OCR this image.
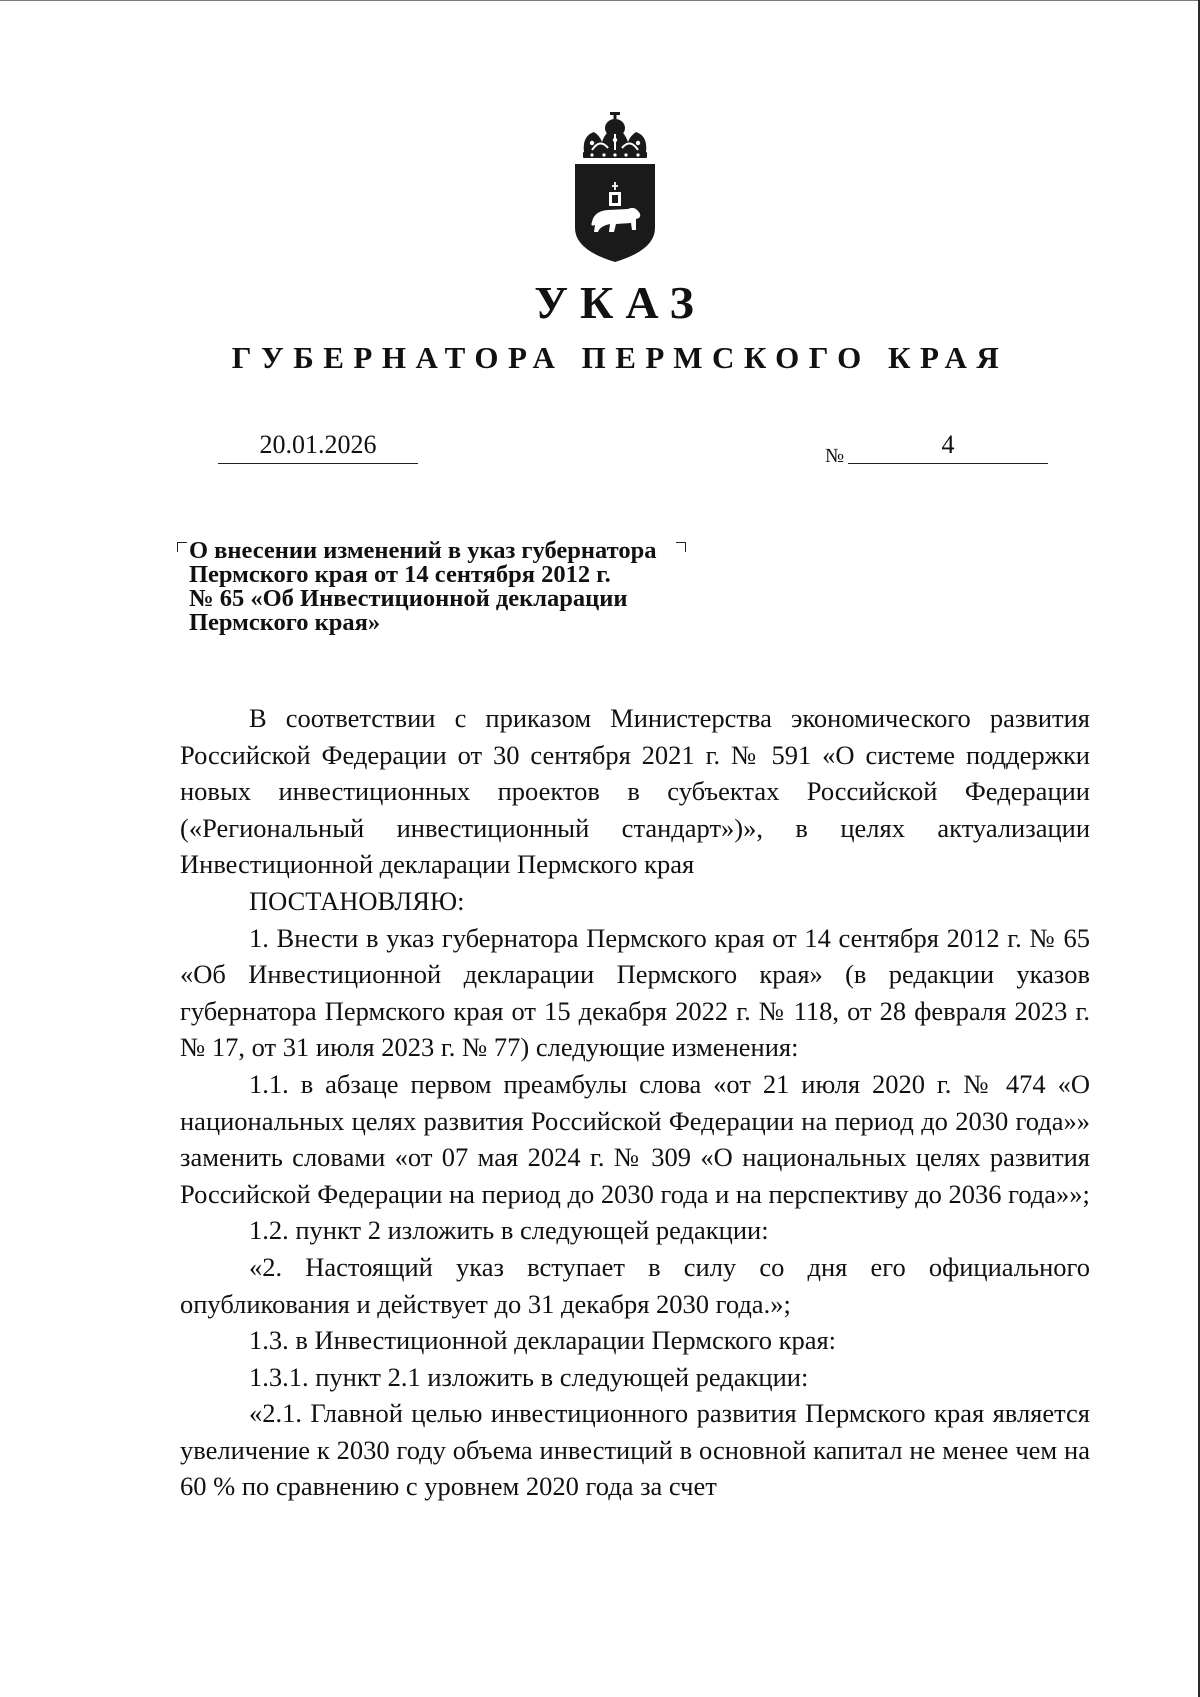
УКАЗ
ГУБЕРНАТОРА ПЕРМСКОГО КРАЯ
20.01.2026	№	4
О внесении изменений в указ губернатора
Пермского края от 14 сентября 2012 г.
№ 65 «Об Инвестиционной декларации
Пермского края»

В соответствии с приказом Министерства экономического развития Российской Федерации от 30 сентября 2021 г. № 591 «О системе поддержки новых инвестиционных проектов в субъектах Российской Федерации («Региональный инвестиционный стандарт»)», в целях актуализации Инвестиционной декларации Пермского края

ПОСТАНОВЛЯЮ:

1. Внести в указ губернатора Пермского края от 14 сентября 2012 г. № 65 «Об Инвестиционной декларации Пермского края» (в редакции указов губернатора Пермского края от 15 декабря 2022 г. № 118, от 28 февраля 2023 г. № 17, от 31 июля 2023 г. № 77) следующие изменения:

1.1. в абзаце первом преамбулы слова «от 21 июля 2020 г. № 474 «О национальных целях развития Российской Федерации на период до 2030 года»» заменить словами «от 07 мая 2024 г. № 309 «О национальных целях развития Российской Федерации на период до 2030 года и на перспективу до 2036 года»»;

1.2. пункт 2 изложить в следующей редакции:

«2. Настоящий указ вступает в силу со дня его официального опубликования и действует до 31 декабря 2030 года.»;

1.3. в Инвестиционной декларации Пермского края:

1.3.1. пункт 2.1 изложить в следующей редакции:

«2.1. Главной целью инвестиционного развития Пермского края является увеличение к 2030 году объема инвестиций в основной капитал не менее чем на 60 % по сравнению с уровнем 2020 года за счет
